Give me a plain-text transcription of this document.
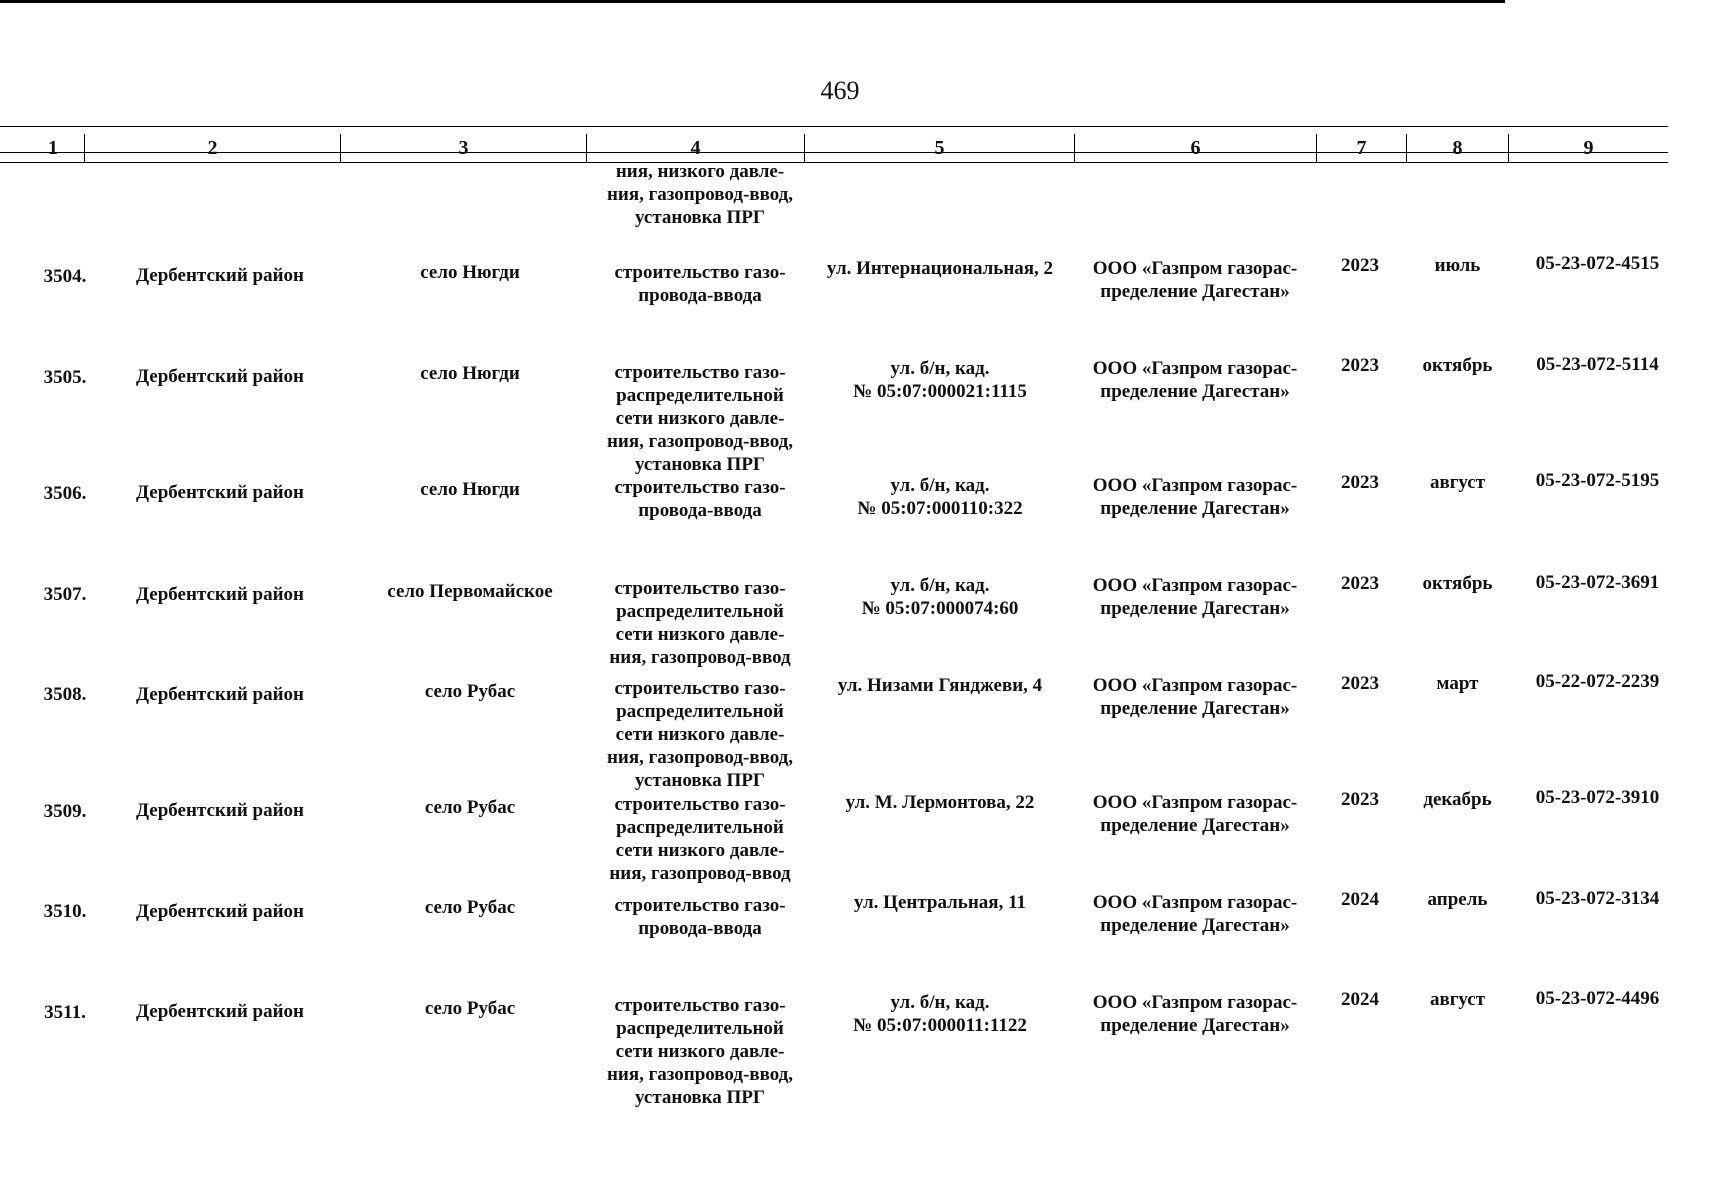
469
1	2	3	4	5	6	7	8	9
ния, низкого давле-
ния, газопровод-ввод,
установка ПРГ
3504.	Дербентский район	село Нюгди	строительство газо-
провода-ввода
ул. Интернациональная, 2	ООО «Газпром газорас-
пределение Дагестан»
2023	июль	05-23-072-4515
3505.	Дербентский район	село Нюгди	строительство газо-
распределительной
сети низкого давле-
ния, газопровод-ввод,
установка ПРГ
ул. б/н, кад.
№ 05:07:000021:1115
ООО «Газпром газорас-
пределение Дагестан»
2023	октябрь	05-23-072-5114
3506.	Дербентский район	село Нюгди	строительство газо-
провода-ввода
ул. б/н, кад.
№ 05:07:000110:322
ООО «Газпром газорас-
пределение Дагестан»
2023	август	05-23-072-5195
3507.	Дербентский район	село Первомайское	строительство газо-
распределительной
сети низкого давле-
ния, газопровод-ввод
ул. б/н, кад.
№ 05:07:000074:60
ООО «Газпром газорас-
пределение Дагестан»
2023	октябрь	05-23-072-3691
3508.	Дербентский район	село Рубас	строительство газо-
распределительной
сети низкого давле-
ния, газопровод-ввод,
установка ПРГ
ул. Низами Гянджеви, 4	ООО «Газпром газорас-
пределение Дагестан»
2023	март	05-22-072-2239
3509.	Дербентский район	село Рубас	строительство газо-
распределительной
сети низкого давле-
ния, газопровод-ввод
ул. М. Лермонтова, 22	ООО «Газпром газорас-
пределение Дагестан»
2023	декабрь	05-23-072-3910
3510.	Дербентский район	село Рубас	строительство газо-
провода-ввода
ул. Центральная, 11	ООО «Газпром газорас-
пределение Дагестан»
2024	апрель	05-23-072-3134
3511.	Дербентский район	село Рубас	строительство газо-
распределительной
сети низкого давле-
ния, газопровод-ввод,
установка ПРГ
ул. б/н, кад.
№ 05:07:000011:1122
ООО «Газпром газорас-
пределение Дагестан»
2024	август	05-23-072-4496
